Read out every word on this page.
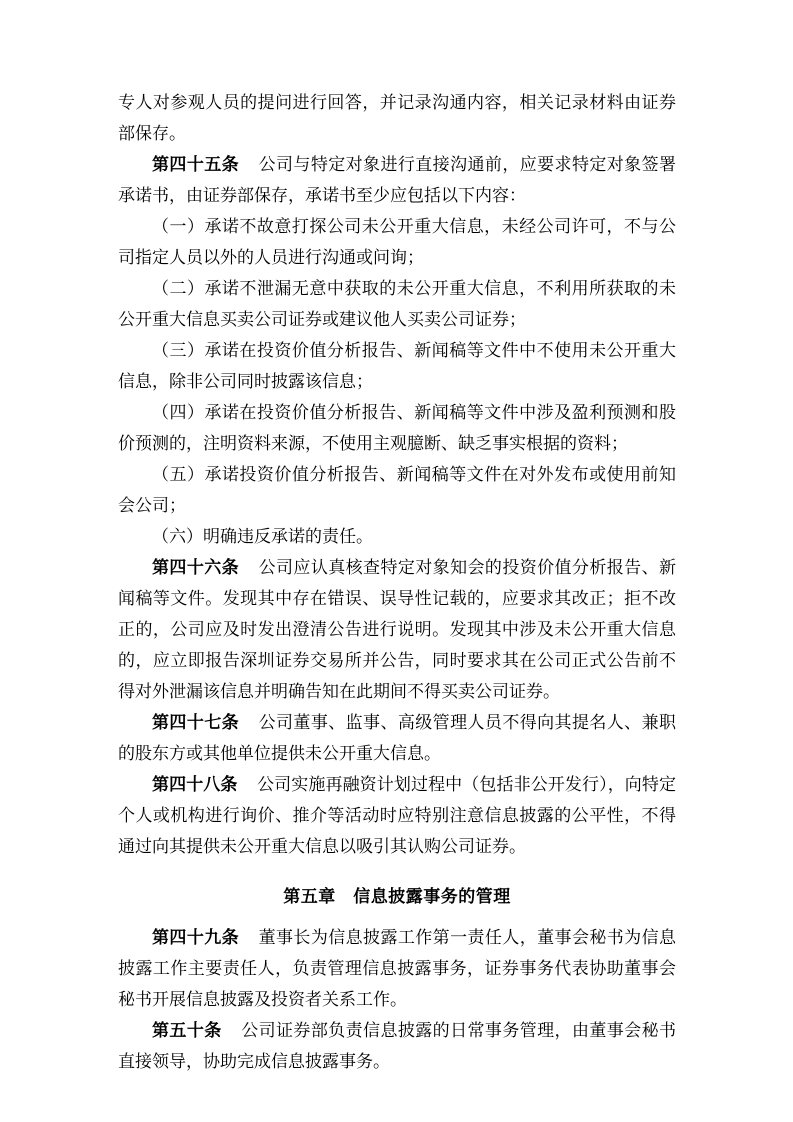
专人对参观人员的提问进行回答，并记录沟通内容，相关记录材料由证券部保存。

第四十五条 公司与特定对象进行直接沟通前，应要求特定对象签署承诺书，由证券部保存，承诺书至少应包括以下内容：

（一）承诺不故意打探公司未公开重大信息，未经公司许可，不与公司指定人员以外的人员进行沟通或问询；

（二）承诺不泄漏无意中获取的未公开重大信息，不利用所获取的未公开重大信息买卖公司证券或建议他人买卖公司证券；

（三）承诺在投资价值分析报告、新闻稿等文件中不使用未公开重大信息，除非公司同时披露该信息；

（四）承诺在投资价值分析报告、新闻稿等文件中涉及盈利预测和股价预测的，注明资料来源，不使用主观臆断、缺乏事实根据的资料；

（五）承诺投资价值分析报告、新闻稿等文件在对外发布或使用前知会公司；

（六）明确违反承诺的责任。

第四十六条 公司应认真核查特定对象知会的投资价值分析报告、新闻稿等文件。发现其中存在错误、误导性记载的，应要求其改正；拒不改正的，公司应及时发出澄清公告进行说明。发现其中涉及未公开重大信息的，应立即报告深圳证券交易所并公告，同时要求其在公司正式公告前不得对外泄漏该信息并明确告知在此期间不得买卖公司证券。

第四十七条 公司董事、监事、高级管理人员不得向其提名人、兼职的股东方或其他单位提供未公开重大信息。

第四十八条 公司实施再融资计划过程中（包括非公开发行），向特定个人或机构进行询价、推介等活动时应特别注意信息披露的公平性，不得通过向其提供未公开重大信息以吸引其认购公司证券。

第五章　信息披露事务的管理

第四十九条 董事长为信息披露工作第一责任人，董事会秘书为信息披露工作主要责任人，负责管理信息披露事务，证券事务代表协助董事会秘书开展信息披露及投资者关系工作。

第五十条 公司证券部负责信息披露的日常事务管理，由董事会秘书直接领导，协助完成信息披露事务。
